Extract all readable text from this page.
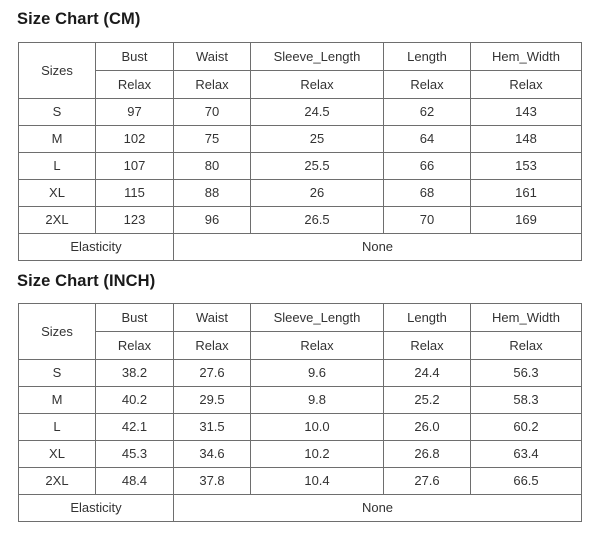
Size Chart (CM)
Sizes	Bust	Waist	Sleeve_Length	Length	Hem_Width
	Relax	Relax	Relax	Relax	Relax
S	97	70	24.5	62	143
M	102	75	25	64	148
L	107	80	25.5	66	153
XL	115	88	26	68	161
2XL	123	96	26.5	70	169
Elasticity		None			
Size Chart (INCH)
Sizes	Bust	Waist	Sleeve_Length	Length	Hem_Width
	Relax	Relax	Relax	Relax	Relax
S	38.2	27.6	9.6	24.4	56.3
M	40.2	29.5	9.8	25.2	58.3
L	42.1	31.5	10.0	26.0	60.2
XL	45.3	34.6	10.2	26.8	63.4
2XL	48.4	37.8	10.4	27.6	66.5
Elasticity		None			
